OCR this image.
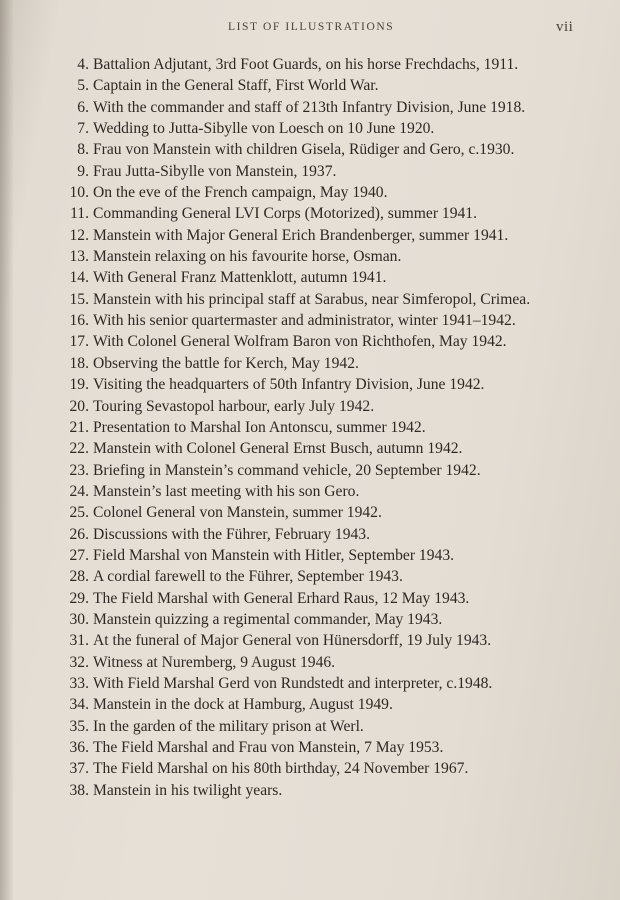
LIST OF ILLUSTRATIONS	vii
4. Battalion Adjutant, 3rd Foot Guards, on his horse Frechdachs, 1911.
5. Captain in the General Staff, First World War.
6. With the commander and staff of 213th Infantry Division, June 1918.
7. Wedding to Jutta-Sibylle von Loesch on 10 June 1920.
8. Frau von Manstein with children Gisela, Rüdiger and Gero, c.1930.
9. Frau Jutta-Sibylle von Manstein, 1937.
10. On the eve of the French campaign, May 1940.
11. Commanding General LVI Corps (Motorized), summer 1941.
12. Manstein with Major General Erich Brandenberger, summer 1941.
13. Manstein relaxing on his favourite horse, Osman.
14. With General Franz Mattenklott, autumn 1941.
15. Manstein with his principal staff at Sarabus, near Simferopol, Crimea.
16. With his senior quartermaster and administrator, winter 1941–1942.
17. With Colonel General Wolfram Baron von Richthofen, May 1942.
18. Observing the battle for Kerch, May 1942.
19. Visiting the headquarters of 50th Infantry Division, June 1942.
20. Touring Sevastopol harbour, early July 1942.
21. Presentation to Marshal Ion Antonscu, summer 1942.
22. Manstein with Colonel General Ernst Busch, autumn 1942.
23. Briefing in Manstein’s command vehicle, 20 September 1942.
24. Manstein’s last meeting with his son Gero.
25. Colonel General von Manstein, summer 1942.
26. Discussions with the Führer, February 1943.
27. Field Marshal von Manstein with Hitler, September 1943.
28. A cordial farewell to the Führer, September 1943.
29. The Field Marshal with General Erhard Raus, 12 May 1943.
30. Manstein quizzing a regimental commander, May 1943.
31. At the funeral of Major General von Hünersdorff, 19 July 1943.
32. Witness at Nuremberg, 9 August 1946.
33. With Field Marshal Gerd von Rundstedt and interpreter, c.1948.
34. Manstein in the dock at Hamburg, August 1949.
35. In the garden of the military prison at Werl.
36. The Field Marshal and Frau von Manstein, 7 May 1953.
37. The Field Marshal on his 80th birthday, 24 November 1967.
38. Manstein in his twilight years.
